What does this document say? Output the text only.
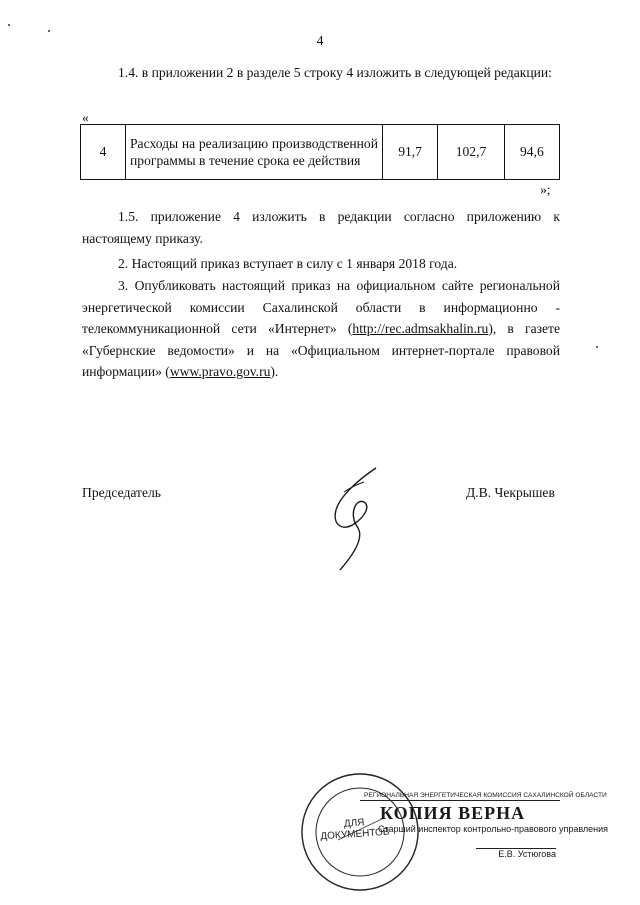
4
1.4. в приложении 2 в разделе 5 строку 4 изложить в следующей редакции:
«
4	Расходы на реализацию производственной программы в течение срока ее действия	91,7	102,7	94,6
»;
1.5. приложение 4 изложить в редакции согласно приложению к настоящему приказу.
2. Настоящий приказ вступает в силу с 1 января 2018 года.
3. Опубликовать настоящий приказ на официальном сайте региональной энергетической комиссии Сахалинской области в информационно - телекоммуникационной сети «Интернет» (http://rec.admsakhalin.ru), в газете «Губернские ведомости» и на «Официальном интернет-портале правовой информации» (www.pravo.gov.ru).
Председатель	Д.В. Чекрышев
ДЛЯ
ДОКУМЕНТОВ
РЕГИОНАЛЬНАЯ ЭНЕРГЕТИЧЕСКАЯ КОМИССИЯ САХАЛИНСКОЙ ОБЛАСТИ
КОПИЯ ВЕРНА
Старший инспектор контрольно-правового управления
Е.В. Устюгова
